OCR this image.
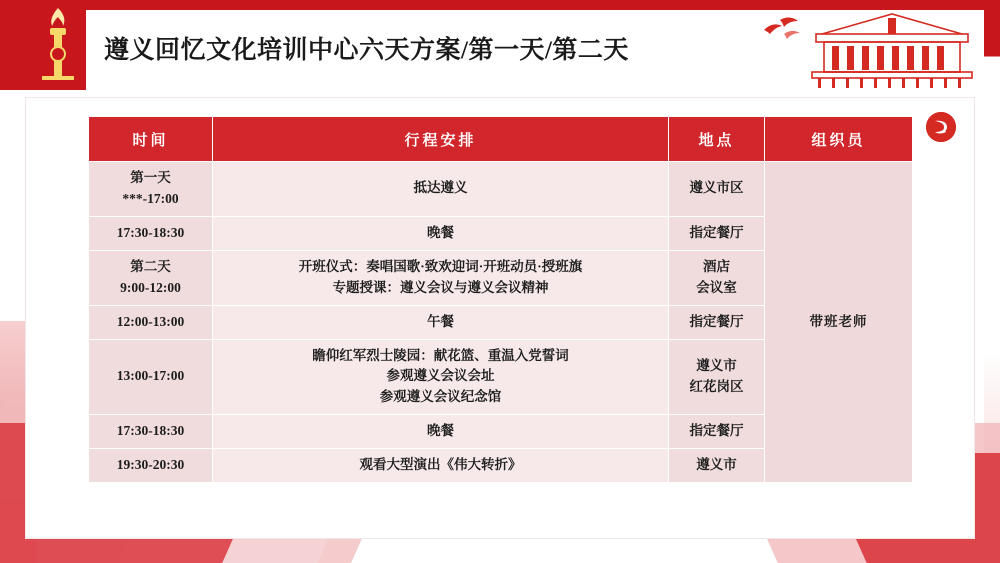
遵义回忆文化培训中心六天方案/第一天/第二天
时间	行程安排	地点	组织员

第一天
***-17:00	抵达遵义	遵义市区	带班老师

17:30-18:30	晚餐	指定餐厅	

第二天
9:00-12:00	开班仪式：奏唱国歌·致欢迎词·开班动员·授班旗
专题授课：遵义会议与遵义会议精神	酒店
会议室	

12:00-13:00	午餐	指定餐厅	

13:00-17:00	瞻仰红军烈士陵园：献花篮、重温入党誓词
参观遵义会议会址
参观遵义会议纪念馆	遵义市
红花岗区	

17:30-18:30	晚餐	指定餐厅	

19:30-20:30	观看大型演出《伟大转折》	遵义市	
